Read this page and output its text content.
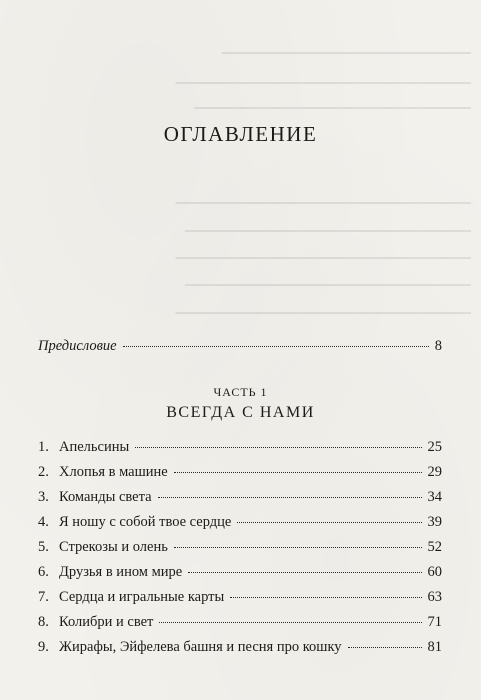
▁▁▁▁▁▁▁▁▁▁▁▁▁▁▁▁▁▁▁▁▁▁▁▁▁▁▁
▁▁▁▁▁▁▁▁▁▁▁▁▁▁▁▁▁▁▁▁▁▁▁▁▁▁▁▁▁▁▁▁
▁▁▁▁▁▁▁▁▁▁▁▁▁▁▁▁▁▁▁▁▁▁▁▁▁▁▁▁▁▁
▁▁▁▁▁▁▁▁▁▁▁▁▁▁▁▁▁▁▁▁▁▁▁▁▁▁▁▁▁▁▁▁
▁▁▁▁▁▁▁▁▁▁▁▁▁▁▁▁▁▁▁▁▁▁▁▁▁▁▁▁▁▁▁
▁▁▁▁▁▁▁▁▁▁▁▁▁▁▁▁▁▁▁▁▁▁▁▁▁▁▁▁▁▁▁▁
▁▁▁▁▁▁▁▁▁▁▁▁▁▁▁▁▁▁▁▁▁▁▁▁▁▁▁▁▁▁▁
▁▁▁▁▁▁▁▁▁▁▁▁▁▁▁▁▁▁▁▁▁▁▁▁▁▁▁▁▁▁▁▁
ОГЛАВЛЕНИЕ
Предисловие	8

ЧАСТЬ 1

ВСЕГДА С НАМИ
1. Апельсины	25
2. Хлопья в машине	29
3. Команды света	34
4. Я ношу с собой твое сердце	39
5. Стрекозы и олень	52
6. Друзья в ином мире	60
7. Сердца и игральные карты	63
8. Колибри и свет	71
9. Жирафы, Эйфелева башня и песня про кошку	81
